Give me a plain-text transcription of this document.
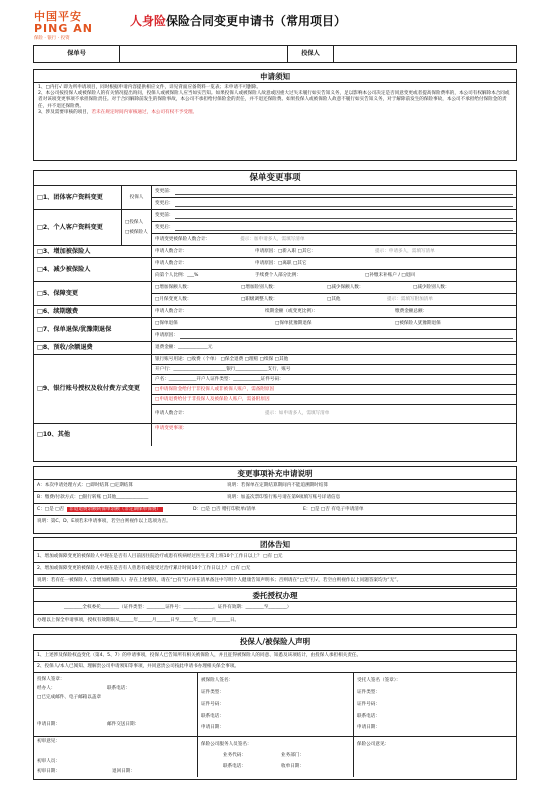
中国平安
PING AN
保险 · 银行 · 投资
人身险保险合同变更申请书（常用项目）
保单号	投保人
申请须知
1、□内打√ 即为所申请项目，同时根据申请内容提供相应文件，详见背面应备资料一览表；未申请不可删除。
2、本公司按投保人或被保险人的有关情况提出询问，投保人或被保险人应当如实告知。如果投保人或被保险人故意或因重大过失未履行如实告知义务，足以影响本公司决定是否同意变更或者提高保险费率的，本公司有权解除本合同或者对该项变更事项不承担保险责任。对于合同解除前发生的保险事故，本公司不承担给付保险金的责任，并不退还保险费。如果投保人或被保险人故意不履行如实告知义务，对于解除前发生的保险事故，本公司不承担给付保险金的责任，并不退还保险费。
3、涉及需要审核的项目，若未在规定时间内审核通过，本公司有权不予受理。
保单变更事项
□1、团体客户资料变更	投保人
变更前：
变更后：
□2、个人客户资料变更
□投保人
□被保险人
变更前：
变更后：
申请变更被保险人数合计：	提示：加申请多人，需填写清单
□3、增加被保险人	申请人数合计：	申请原因：□新入职 □其它：	提示：申请多人，需填写清单
□4、减少被保险人
申请人数合计：	申请原因：□离职 □其它
向第个人比例：___%	手续费个人部分比例：	□补缴未补账户 / □退回
□5、保障变更
□增加保额人数：	□增加险别人数：	□减少保额人数：	□减少险别人数：
□月保变更人数：	□职级调整人数：	□其他	提示：需填写附加清单
□6、续期缴费	申请人数合计：	续期金额（或变更比例）：	缴费金额总额：
□7、保单退保/犹豫期退保
□保单退保	□保单犹豫期退保	□被保险人犹豫期退保
申请原因：
□8、预收/余额退费	退费金额：_____________元
□9、银行账号授权及收付费方式变更
银行账号用途：□收费（个单） □保全退费 □理赔 □续保 □其他
开户行：_______________________银行______________支行，账号
户名：____________开户人证件类型：____________证件号码：
□申请保险金给付于非投保人或非被保人账户，需备附原因
□申请退费给付于非投保人及被保险人账户，需备附原因
申请人数合计：	提示：如申请多人，需填写清单
□10、其他
申请变更事项：
变更事项补充申请说明
A：本次申请处理方式：□即时结算 □定期结算	说明：若保单在定期结算期间内不能追溯期时结算
B：缴费/付款方式：□银行转账 □其他______________	说明：加盖次票印鉴行账号请在第9项填写账号详请信息
C：□是 □否	非退退费余额转保单余额（非定期保单保费）	D：□是 □否 赠打印批单/清单	E：□是 □否 有电子申请清单
说明：第C、D、E项若未申请事项，若空白则视作以上选项为否。
团体告知
1、增加或保障变更的被保险人中现在是否有人目前因住院治疗或患有疾病经过医生正常上班10个工作日以上？ □有 □无
2、增加或保障变更的被保险人中现在是否有人曾患有或接受过治疗累计时间10个工作日以上？ □有 □无
说明：若有任一被保险人（含增加被保险人）存在上述情况，请在“□有”打√并在清单备注中写明个人健康告知声明书；否则请在“□无”打√，若空白则视作以上问题答案均为“无”。
委托授权办理
________全权委托________（证件类型：________证件号：_____________，证件有效期：________至________）
办理以上保全申请事项，授权有效期限从______年______月______日至______年______月______日。
投保人/被保险人声明
1、上述涉及保险权益变化（第4、5、7）的申请事项，投保人已告知所有相关被保险人，并且征得被保险人的同意、知悉及该项结计，由投保人承担相关责任。
2、投保人/本人已阅知、理解贵公司申请须知等事项，并同意贵公司按此申请书办理相关保全事项。
投保人签章：
经办人：	联系电话：
□已完成邮件、电子邮箱以盖章
申请日期：	邮件交送日期：
被保险人签名：
证件类型：
证件号码：
联系电话：
申请日期：
受托人签名（签章）：
证件类型：
证件号码：
联系电话：
申请日期：
初审意见：
初审人员：
初审日期：	退回日期：
保险公司服务人员签名：
业务代码：	业务部门：
联系电话：	收单日期：
保险公司意见：
